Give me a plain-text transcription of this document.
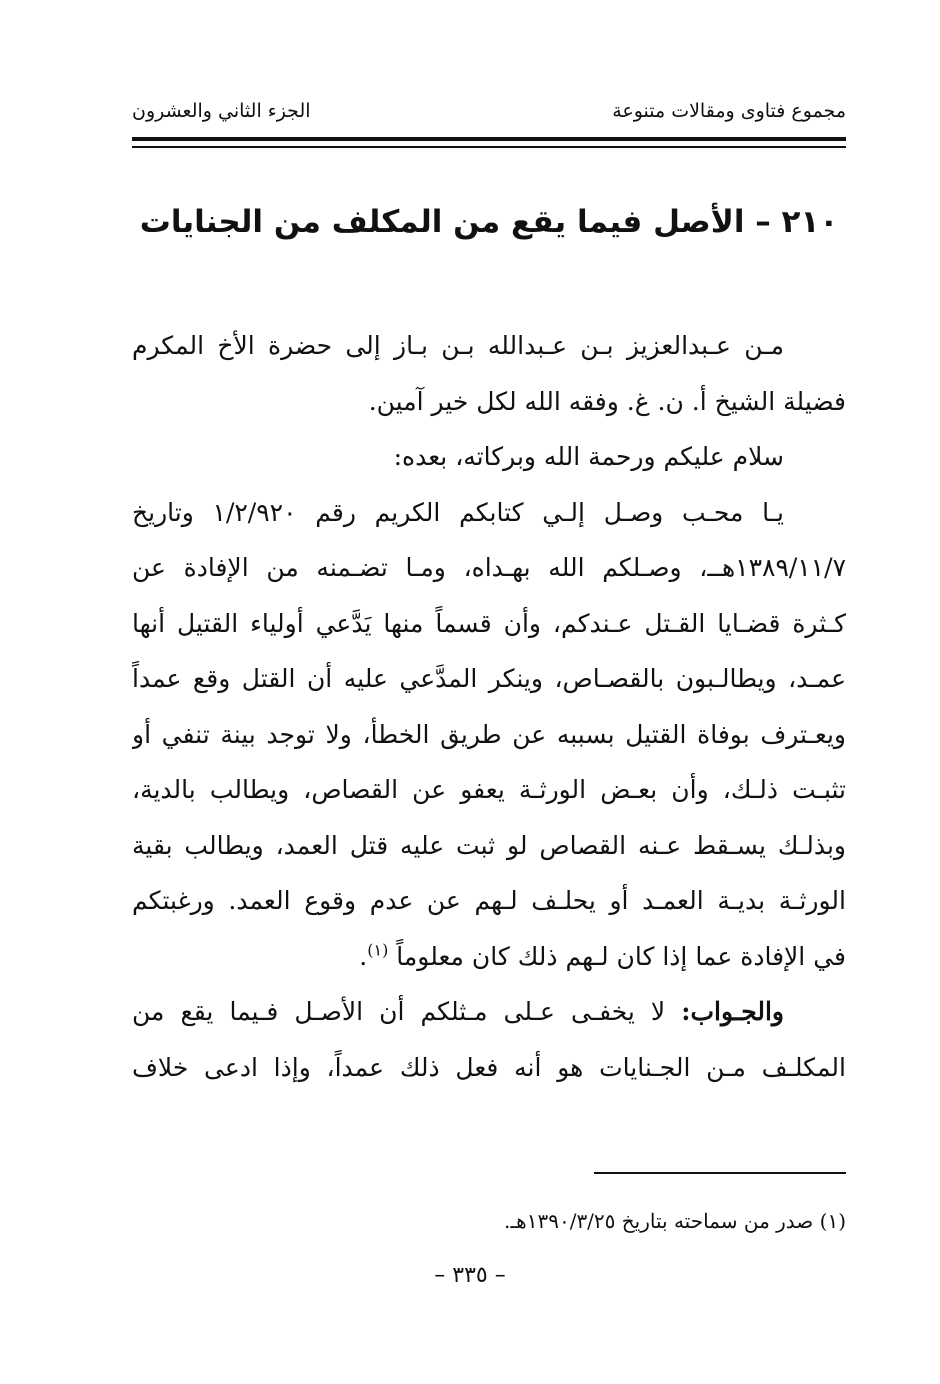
مجموع فتاوى ومقالات متنوعة
الجزء الثاني والعشرون
٢١٠ – الأصل فيما يقع من المكلف من الجنايات
مـن عـبدالعزيز بـن عـبدالله بـن بـاز إلى حضرة الأخ المكرم
فضيلة الشيخ أ. ن. غ. وفقه الله لكل خير آمين.
سلام عليكم ورحمة الله وبركاته، بعده:
يـا محـب وصـل إلـي كتابكم الكريم رقم ١/٢/٩٢٠ وتاريخ
١٣٨٩/١١/٧هــ، وصـلكم الله بهـداه، ومـا تضـمنه من الإفادة عن
كـثرة قضـايا القـتل عـندكم، وأن قسماً منها يَدَّعي أولياء القتيل أنها
عمـد، ويطالـبون بالقصـاص، وينكر المدَّعي عليه أن القتل وقع عمداً
ويعـترف بوفاة القتيل بسببه عن طريق الخطأ، ولا توجد بينة تنفي أو
تثبـت ذلـك، وأن بعـض الورثـة يعفو عن القصاص، ويطالب بالدية،
وبذلـك يسـقط عـنه القصاص لو ثبت عليه قتل العمد، ويطالب بقية
الورثـة بديـة العمـد أو يحلـف لـهم عن عدم وقوع العمد. ورغبتكم
في الإفادة عما إذا كان لـهم ذلك كان معلوماً $^{(١)}$.
والجـواب: لا يخفـى عـلى مـثلكم أن الأصـل فـيما يقع من
المكلـف مـن الجـنايات هو أنه فعل ذلك عمداً، وإذا ادعى خلاف
(١) صدر من سماحته بتاريخ ١٣٩٠/٣/٢٥هـ.
– ٣٣٥ –
